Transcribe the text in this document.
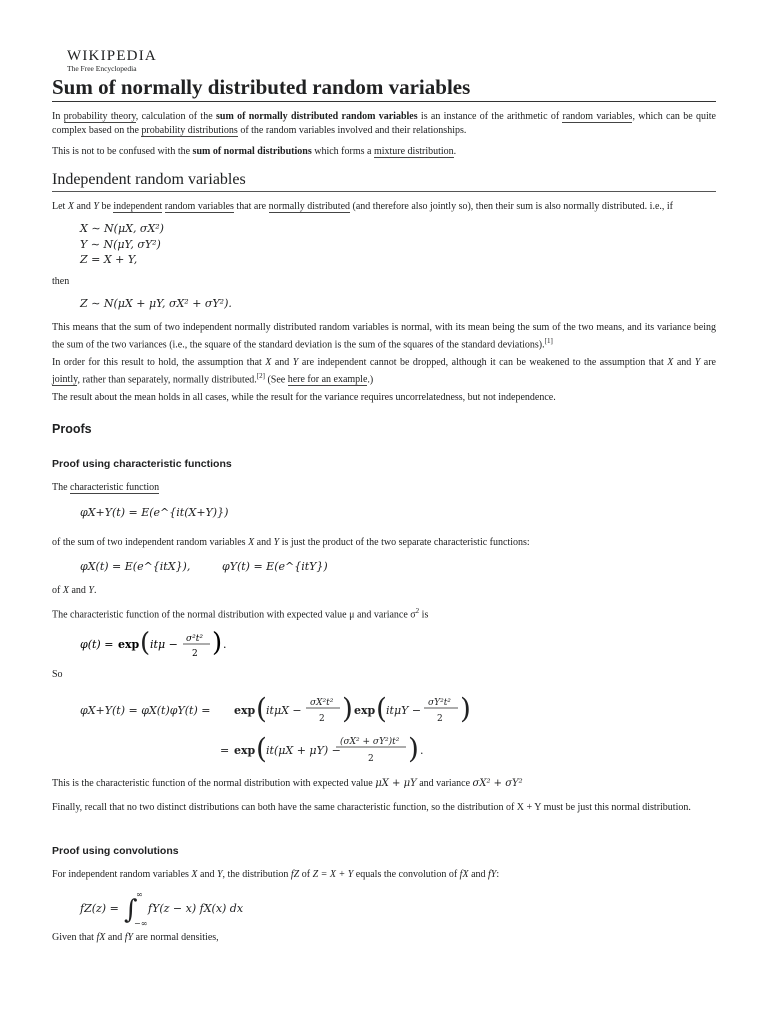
WIKIPEDIA
The Free Encyclopedia
Sum of normally distributed random variables

In probability theory, calculation of the sum of normally distributed random variables is an instance of the arithmetic of random variables, which can be quite complex based on the probability distributions of the random variables involved and their relationships.

This is not to be confused with the sum of normal distributions which forms a mixture distribution.

Independent random variables

Let X and Y be independent random variables that are normally distributed (and therefore also jointly so), then their sum is also normally distributed. i.e., if

X ∼ N(μX, σX²)
Y ∼ N(μY, σY²)
Z = X + Y,

then

Z ∼ N(μX + μY, σX² + σY²).

This means that the sum of two independent normally distributed random variables is normal, with its mean being the sum of the two means, and its variance being the sum of the two variances (i.e., the square of the standard deviation is the sum of the squares of the standard deviations).[1]

In order for this result to hold, the assumption that X and Y are independent cannot be dropped, although it can be weakened to the assumption that X and Y are jointly, rather than separately, normally distributed.[2] (See here for an example.)

The result about the mean holds in all cases, while the result for the variance requires uncorrelatedness, but not independence.

Proofs
Proof using characteristic functions

The characteristic function

φX+Y(t) = E(e^{it(X+Y)})

of the sum of two independent random variables X and Y is just the product of the two separate characteristic functions:

φX(t) = E(e^{itX}),	φY(t) = E(e^{itY})

of X and Y.

The characteristic function of the normal distribution with expected value μ and variance $\sigma^2$ is

φ(t) = exp ( itμ − σ²t²
2 ) .

So

φX+Y(t) = φX(t)φY(t) = exp ( itμX −
σX²t²
2 ) exp ( itμY −
σY²t²
2 )
= exp ( it(μX + μY) −
(σX² + σY²)t²
2 ) .

This is the characteristic function of the normal distribution with expected value μX + μY and variance σX² + σY²

Finally, recall that no two distinct distributions can both have the same characteristic function, so the distribution of X + Y must be just this normal distribution.

Proof using convolutions

For independent random variables X and Y, the distribution fZ of Z = X + Y equals the convolution of fX and fY:

fZ(z) = ∫
∞
−∞
fY(z − x) fX(x) dx

Given that fX and fY are normal densities,
